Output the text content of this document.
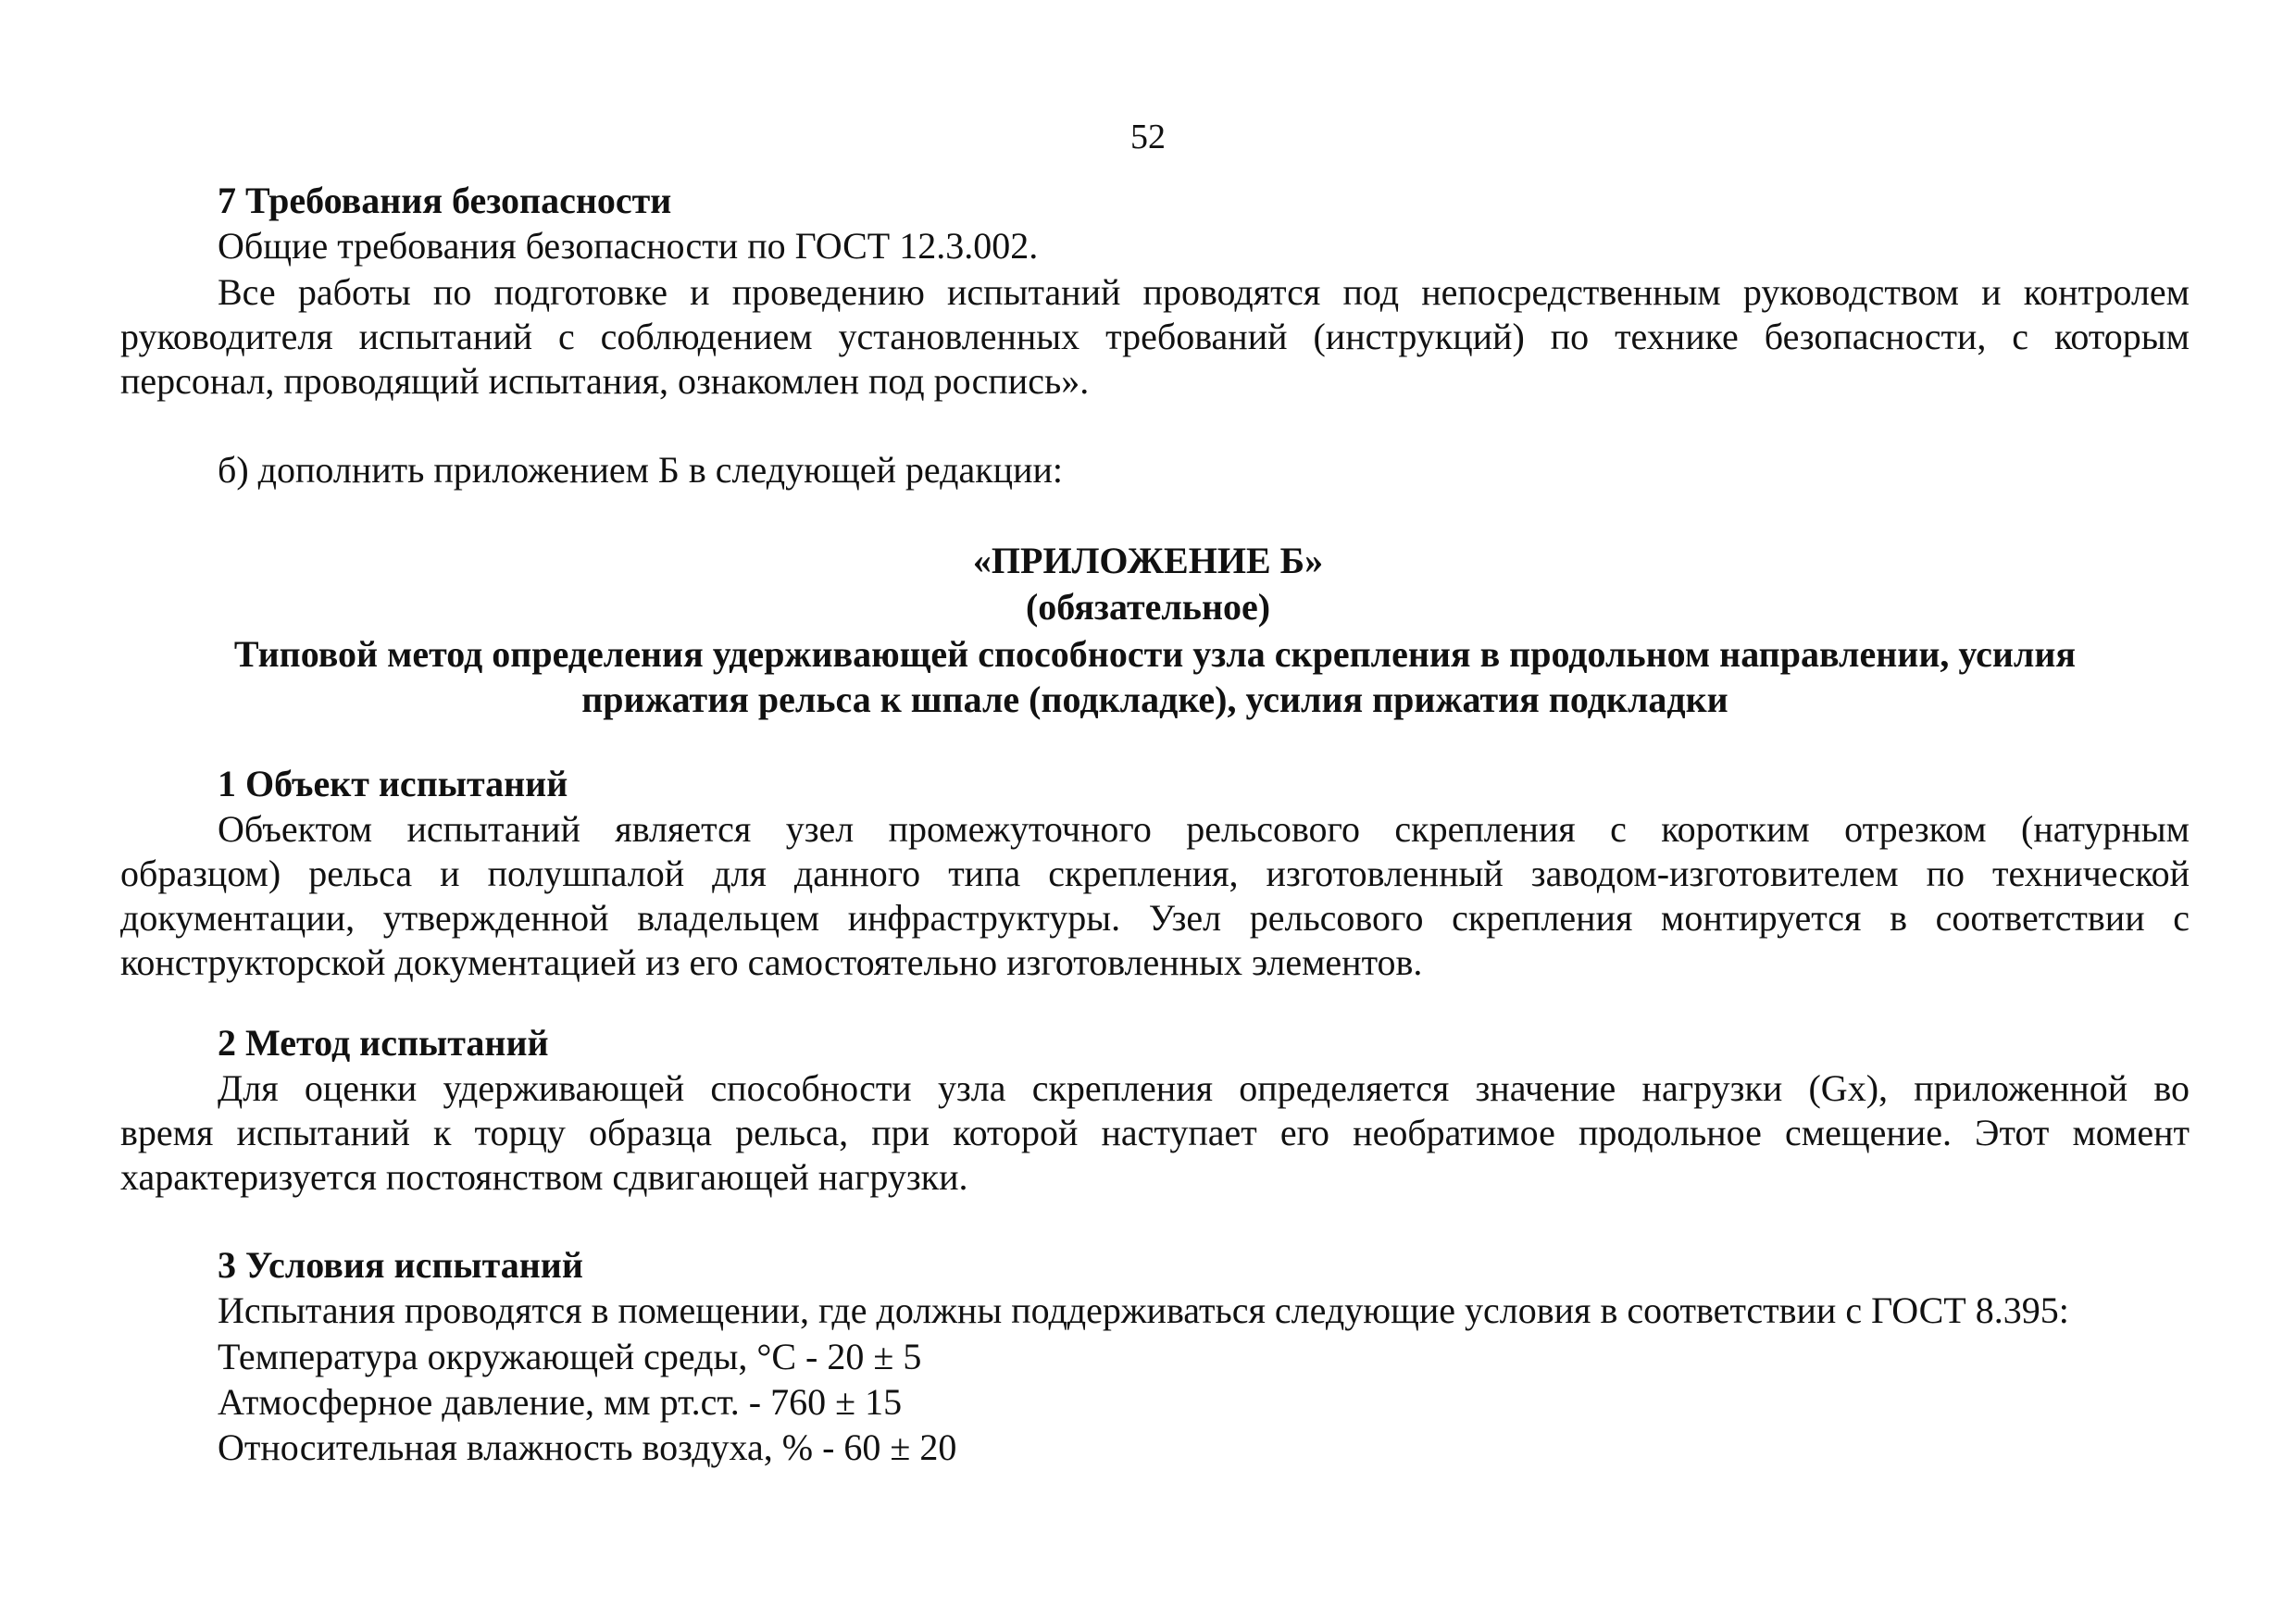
52
7 Требования безопасности
Общие требования безопасности по ГОСТ 12.3.002.
Все работы по подготовке и проведению испытаний проводятся под непосредственным руководством и контролем
руководителя испытаний с соблюдением установленных требований (инструкций) по технике безопасности, с которым
персонал, проводящий испытания, ознакомлен под роспись».
б) дополнить приложением Б в следующей редакции:
«ПРИЛОЖЕНИЕ Б»
(обязательное)
Типовой метод определения удерживающей способности узла скрепления в продольном направлении, усилия
прижатия рельса к шпале (подкладке), усилия прижатия подкладки
1 Объект испытаний
Объектом испытаний является узел промежуточного рельсового скрепления с коротким отрезком (натурным
образцом) рельса и полушпалой для данного типа скрепления, изготовленный заводом-изготовителем по технической
документации, утвержденной владельцем инфраструктуры. Узел рельсового скрепления монтируется в соответствии с
конструкторской документацией из его самостоятельно изготовленных элементов.
2 Метод испытаний
Для оценки удерживающей способности узла скрепления определяется значение нагрузки (Gx), приложенной во
время испытаний к торцу образца рельса, при которой наступает его необратимое продольное смещение. Этот момент
характеризуется постоянством сдвигающей нагрузки.
3 Условия испытаний
Испытания проводятся в помещении, где должны поддерживаться следующие условия в соответствии с ГОСТ 8.395:
Температура окружающей среды, °С - 20 ± 5
Атмосферное давление, мм рт.ст. - 760 ± 15
Относительная влажность воздуха, % - 60 ± 20
